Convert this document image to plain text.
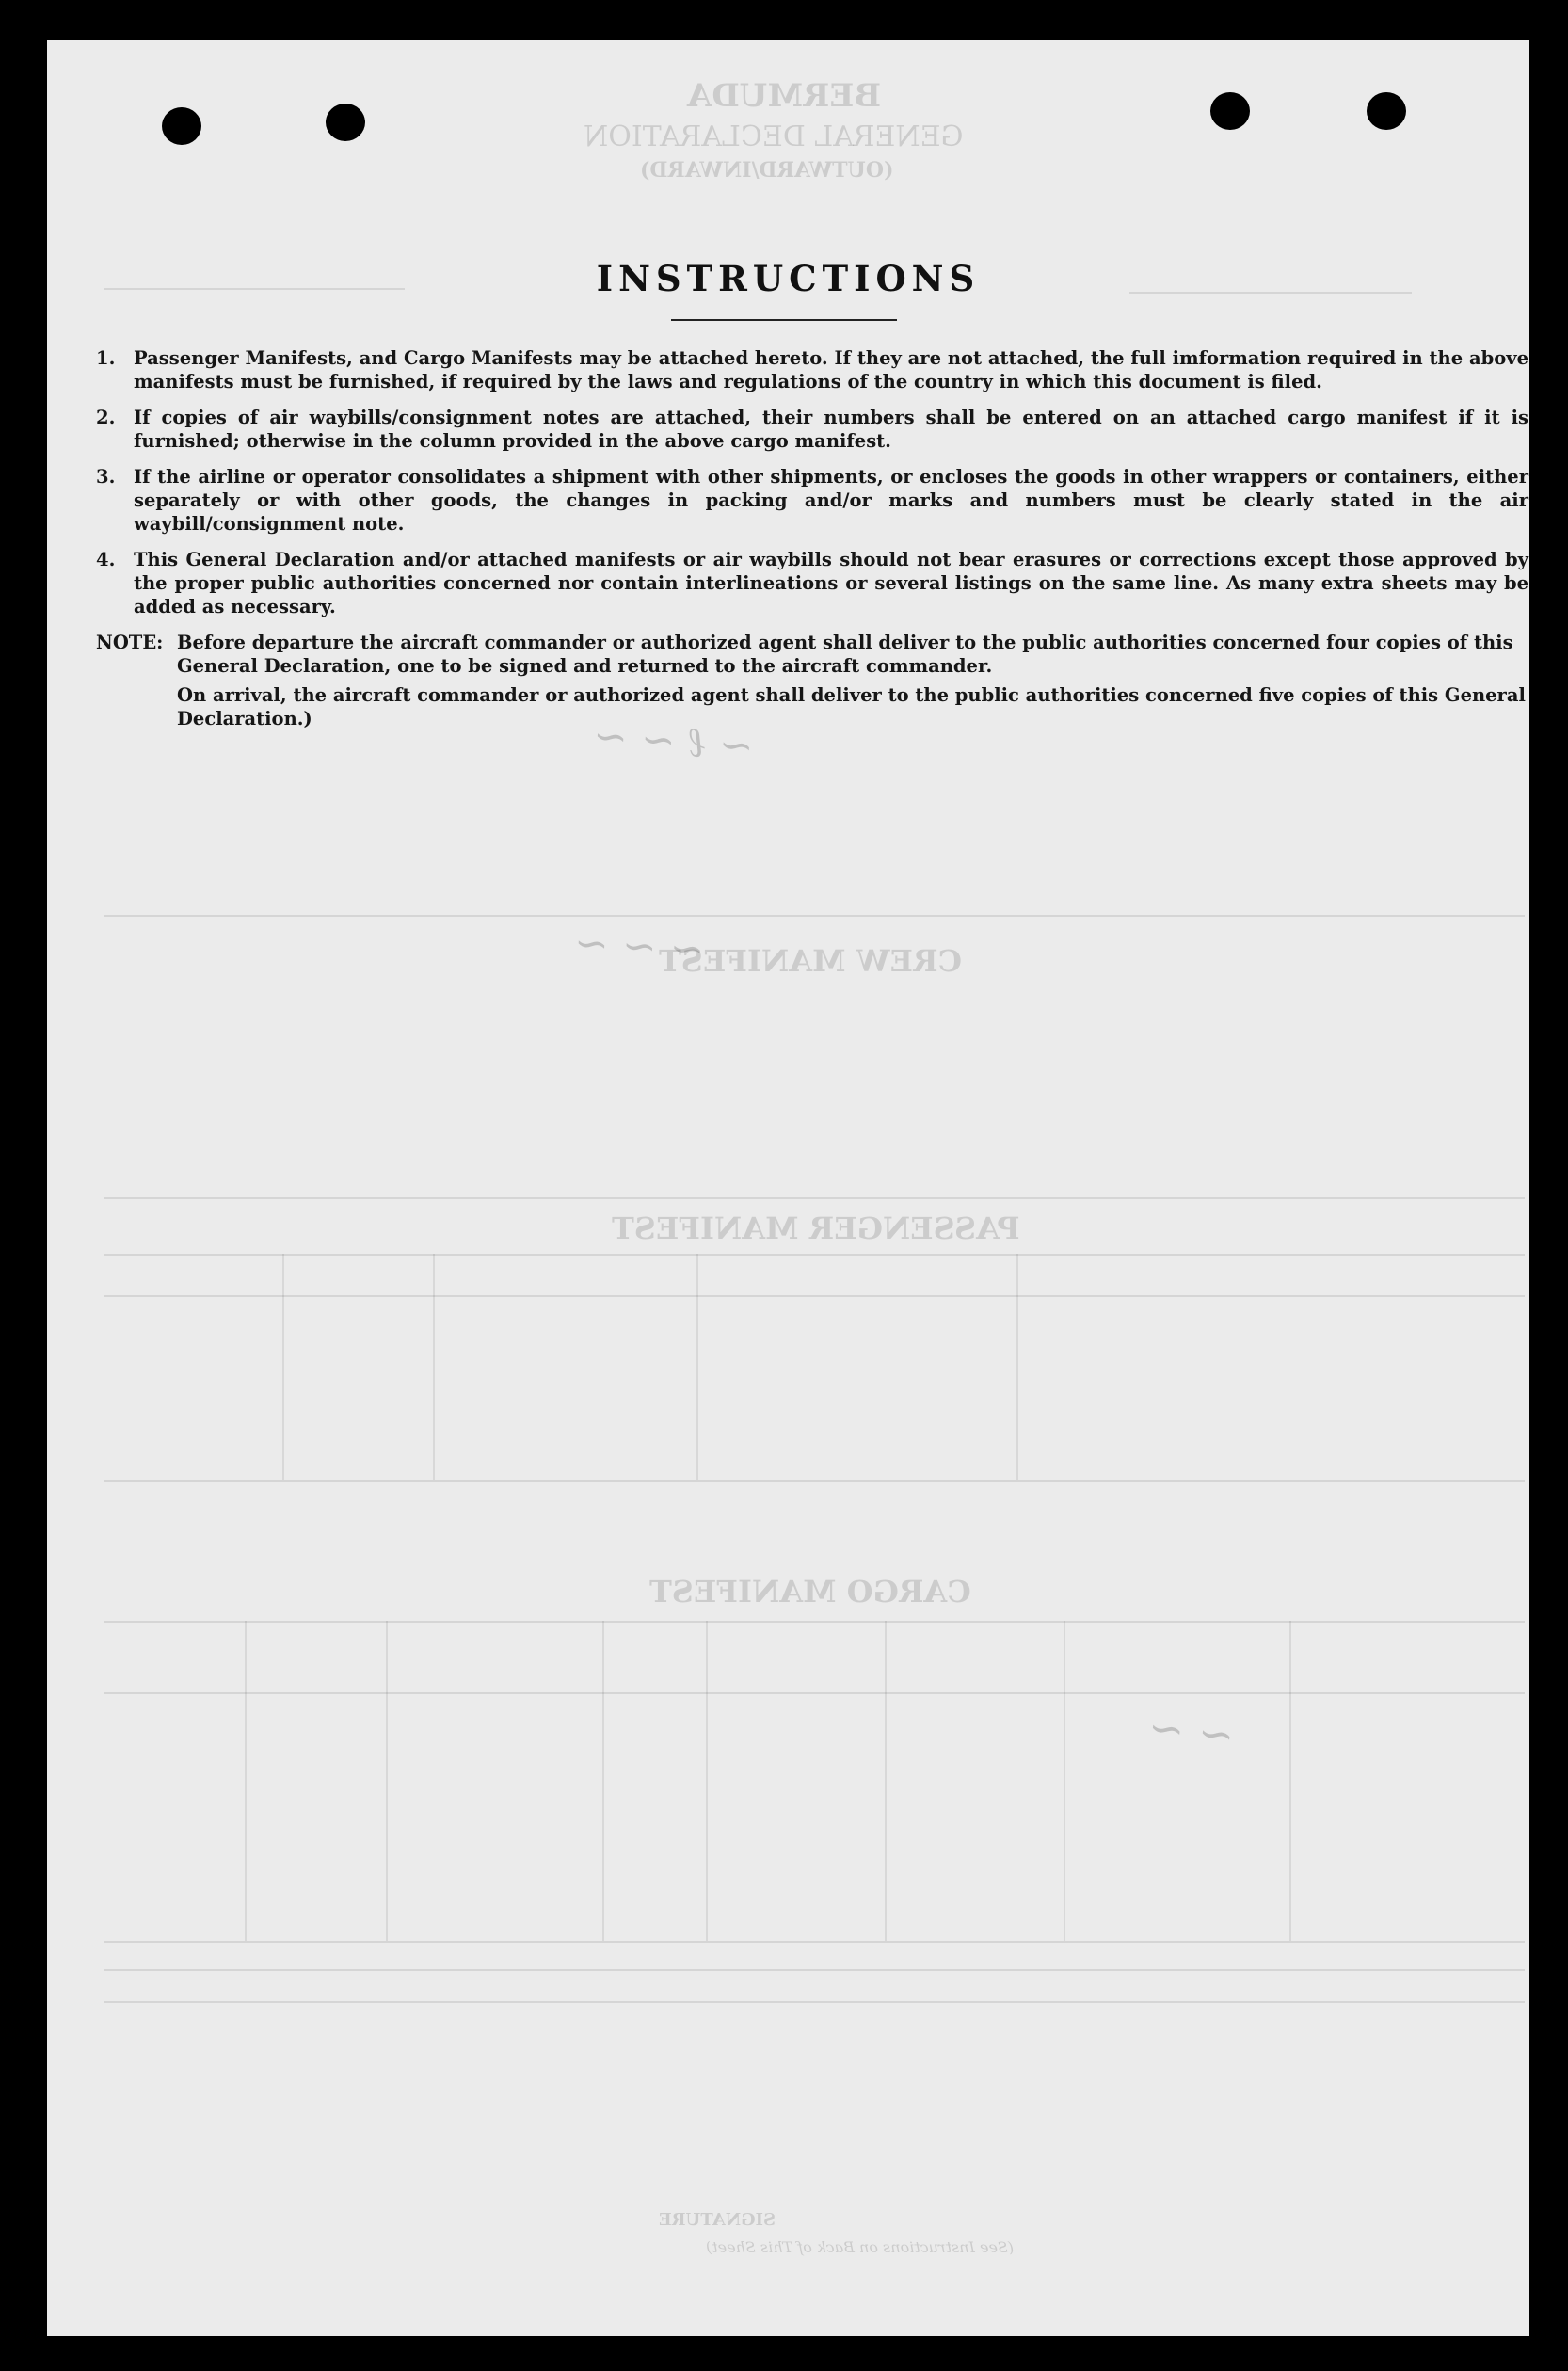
BERMUDA
GENERAL DECLARATION
(OUTWARD/INWARD)
CREW MANIFEST
PASSENGER MANIFEST
CARGO MANIFEST
SIGNATURE
(See Instructions on Back of This Sheet)
~ ℓ ~ ~
~ ~ ~
~ ~
INSTRUCTIONS
1.	Passenger Manifests, and Cargo Manifests may be attached hereto. If they are not attached, the full imformation required in the above manifests must be furnished, if required by the laws and regulations of the country in which this document is filed.
2.	If copies of air waybills/consignment notes are attached, their numbers shall be entered on an attached cargo manifest if it is furnished; otherwise in the column provided in the above cargo manifest.
3.	If the airline or operator consolidates a shipment with other shipments, or encloses the goods in other wrappers or containers, either separately or with other goods, the changes in packing and/or marks and numbers must be clearly stated in the air waybill/consignment note.
4.	This General Declaration and/or attached manifests or air waybills should not bear erasures or corrections except those approved by the proper public authorities concerned nor contain interlineations or several listings on the same line. As many extra sheets may be added as necessary.
NOTE: Before departure the aircraft commander or authorized agent shall deliver to the public authorities concerned four copies of this General Declaration, one to be signed and returned to the aircraft commander.
On arrival, the aircraft commander or authorized agent shall deliver to the public authorities concerned five copies of this General Declaration.)
